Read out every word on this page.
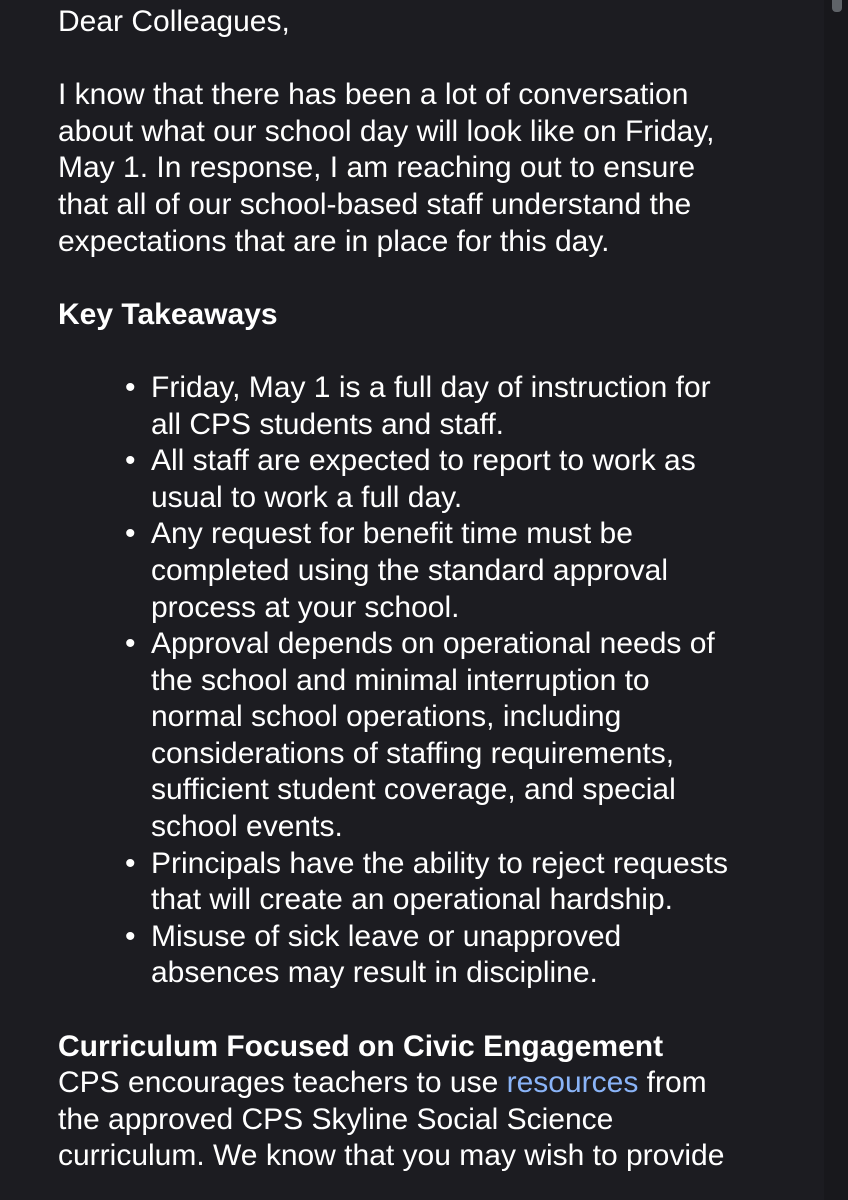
Dear Colleagues,
I know that there has been a lot of conversation
about what our school day will look like on Friday,
May 1. In response, I am reaching out to ensure
that all of our school-based staff understand the
expectations that are in place for this day.
Key Takeaways
• Friday, May 1 is a full day of instruction for
all CPS students and staff.
• All staff are expected to report to work as
usual to work a full day.
• Any request for benefit time must be
completed using the standard approval
process at your school.
• Approval depends on operational needs of
the school and minimal interruption to
normal school operations, including
considerations of staffing requirements,
sufficient student coverage, and special
school events.
• Principals have the ability to reject requests
that will create an operational hardship.
• Misuse of sick leave or unapproved
absences may result in discipline.
Curriculum Focused on Civic Engagement
CPS encourages teachers to use resources from
the approved CPS Skyline Social Science
curriculum. We know that you may wish to provide
